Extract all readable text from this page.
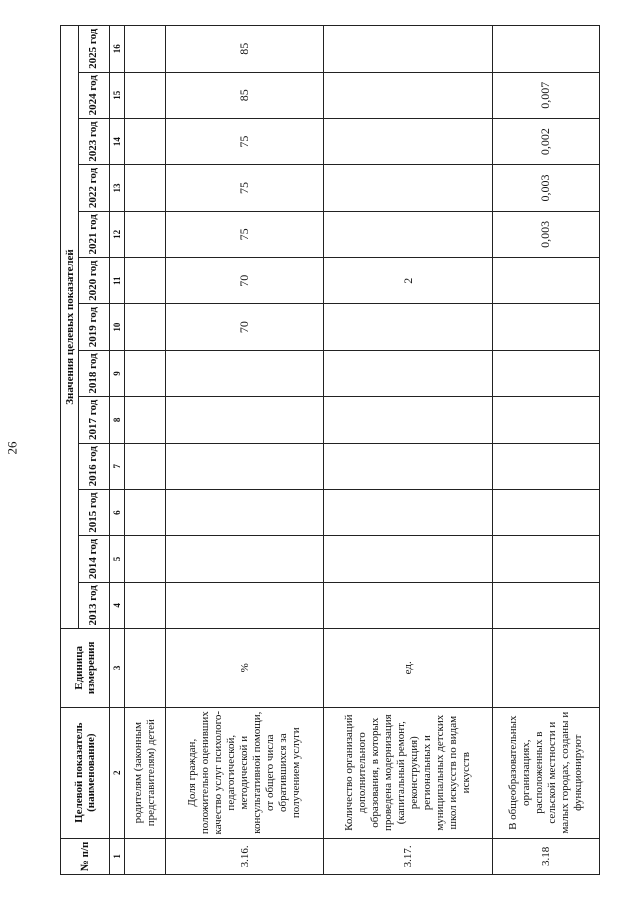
26
№ п/п	Целевой показатель (наименование)	Единица измерения	Значения целевых показателей												
			2013 год	2014 год	2015 год	2016 год	2017 год	2018 год	2019 год	2020 год	2021 год	2022 год	2023 год	2024 год	2025 год
1	2	3	4	5	6	7	8	9	10	11	12	13	14	15	16
	родителям (законным представителям) детей														
3.16.	Доля граждан, положительно оценивших качество услуг психолого-педагогической, методической и консультативной помощи, от общего числа обратившихся за получением услуги	%							70	70	75	75	75	85	85
3.17.	Количество организаций дополнительного образования, в которых проведена модернизация (капитальный ремонт, реконструкция) региональных и муниципальных детских школ искусств по видам искусств	ед.								2					
3.18	В общеобразовательных организациях, расположенных в сельской местности и малых городах, созданы и функционируют										0,003	0,003	0,002	0,007	
